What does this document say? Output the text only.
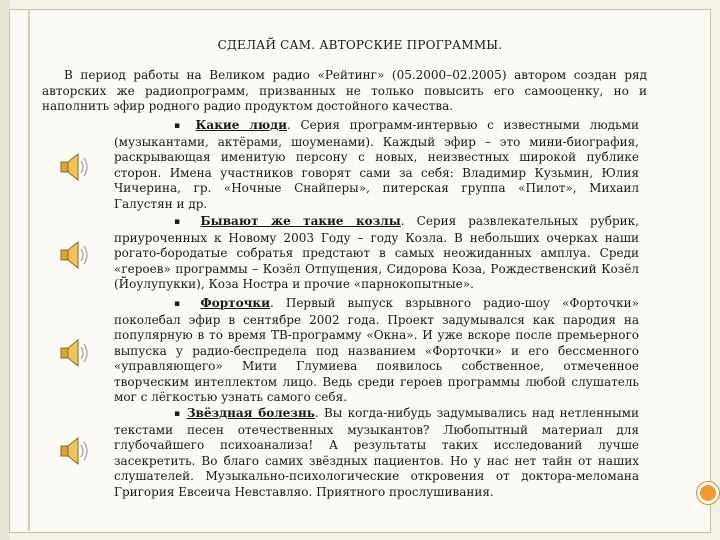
СДЕЛАЙ САМ. АВТОРСКИЕ ПРОГРАММЫ.
В период работы на Великом радио «Рейтинг» (05.2000–02.2005) автором создан ряд авторских же радиопрограмм, призванных не только повысить его самооценку, но и наполнить эфир родного радио продуктом достойного качества.
▪ Какие люди. Серия программ-интервью с известными людьми (музыкантами, актёрами, шоуменами). Каждый эфир – это мини-биография, раскрывающая именитую персону с новых, неизвестных широкой публике сторон. Имена участников говорят сами за себя: Владимир Кузьмин, Юлия Чичерина, гр. «Ночные Снайперы», питерская группа «Пилот», Михаил Галустян и др.
▪ Бывают же такие козлы. Серия развлекательных рубрик, приуроченных к Новому 2003 Году – году Козла. В небольших очерках наши рогато-бородатые собратья предстают в самых неожиданных амплуа. Среди «героев» программы – Козёл Отпущения, Сидорова Коза, Рождественский Козёл (Йоулупукки), Коза Ностра и прочие «парнокопытные».
▪ Форточки. Первый выпуск взрывного радио-шоу «Форточки» поколебал эфир в сентябре 2002 года. Проект задумывался как пародия на популярную в то время ТВ-программу «Окна». И уже вскоре после премьерного выпуска у радио-беспредела под названием «Форточки» и его бессменного «управляющего» Мити Глумиева появилось собственное, отмеченное творческим интеллектом лицо. Ведь среди героев программы любой слушатель мог с лёгкостью узнать самого себя.
▪ Звёздная болезнь. Вы когда-нибудь задумывались над нетленными текстами песен отечественных музыкантов? Любопытный материал для глубочайшего психоанализа! А результаты таких исследований лучше засекретить. Во благо самих звёздных пациентов. Но у нас нет тайн от наших слушателей. Музыкально-психологические откровения от доктора-меломана Григория Евсеича Невставляо. Приятного прослушивания.
